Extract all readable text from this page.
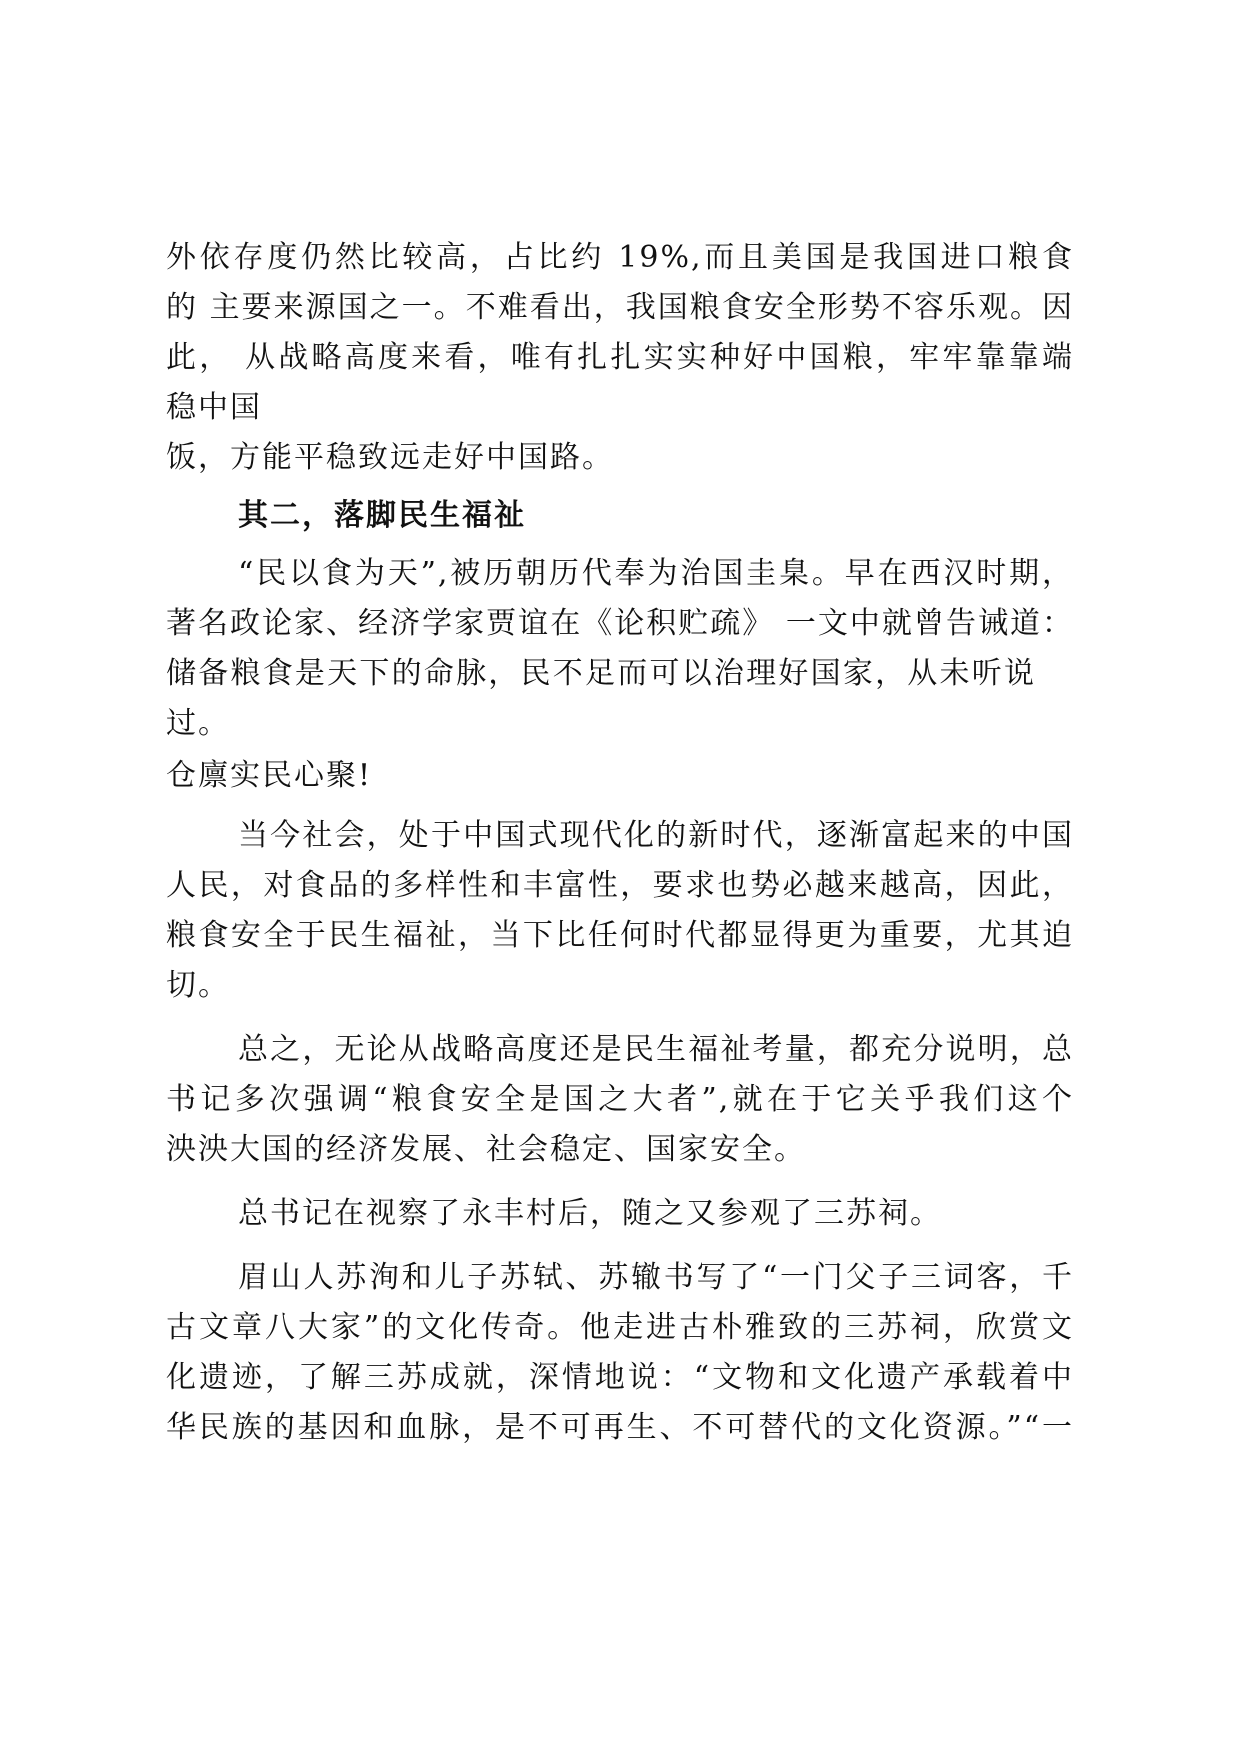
外依存度仍然比较高，占比约 19%,而且美国是我国进口粮食
的 主要来源国之一。不难看出，我国粮食安全形势不容乐观。因
此， 从战略高度来看，唯有扎扎实实种好中国粮，牢牢靠靠端
稳中国
饭，方能平稳致远走好中国路。
其二，落脚民生福祉
“民以食为天”,被历朝历代奉为治国圭臬。早在西汉时期，
著名政论家、经济学家贾谊在《论积贮疏》 一文中就曾告诫道：
储备粮食是天下的命脉，民不足而可以治理好国家，从未听说
过。
仓廪实民心聚!
当今社会，处于中国式现代化的新时代，逐渐富起来的中国
人民，对食品的多样性和丰富性，要求也势必越来越高，因此，
粮食安全于民生福祉，当下比任何时代都显得更为重要，尤其迫
切。
总之，无论从战略高度还是民生福祉考量，都充分说明，总
书记多次强调“粮食安全是国之大者”,就在于它关乎我们这个
泱泱大国的经济发展、社会稳定、国家安全。
总书记在视察了永丰村后，随之又参观了三苏祠。
眉山人苏洵和儿子苏轼、苏辙书写了“一门父子三词客，千
古文章八大家”的文化传奇。他走进古朴雅致的三苏祠，欣赏文
化遗迹，了解三苏成就，深情地说：“文物和文化遗产承载着中
华民族的基因和血脉，是不可再生、不可替代的文化资源。”“一
